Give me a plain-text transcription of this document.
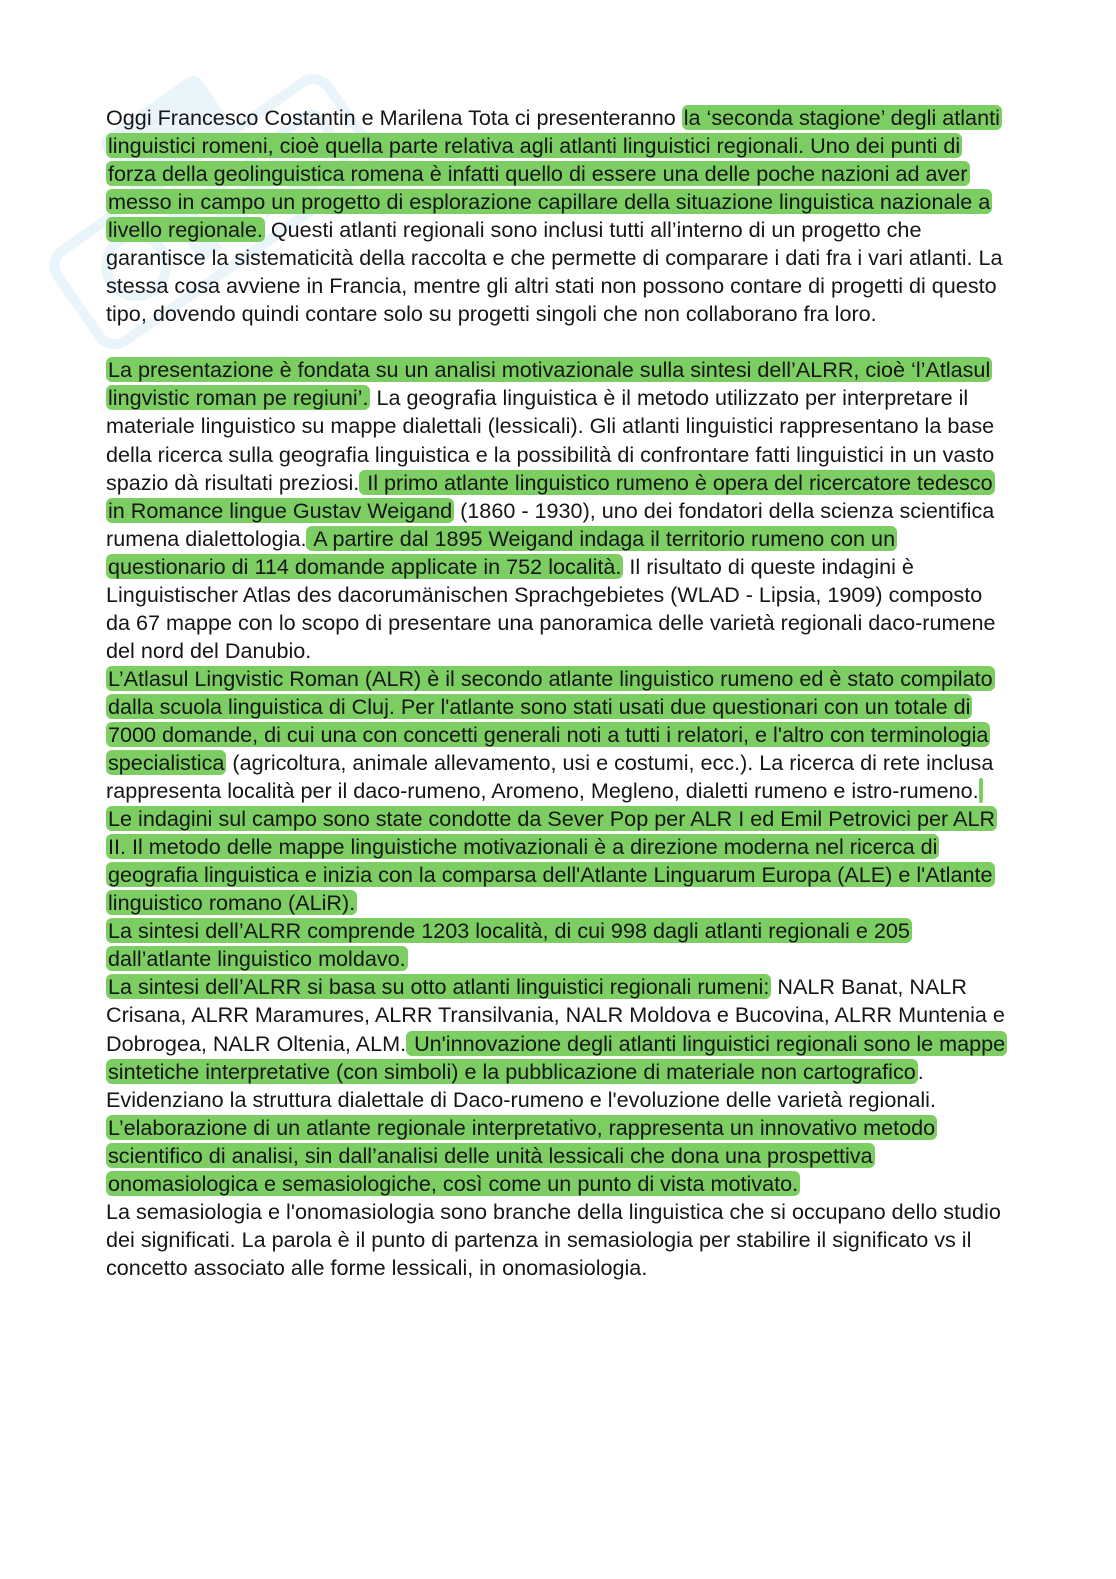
Oggi Francesco Costantin e Marilena Tota ci presenteranno la ‘seconda stagione’ degli atlanti linguistici romeni, cioè quella parte relativa agli atlanti linguistici regionali. Uno dei punti di forza della geolinguistica romena è infatti quello di essere una delle poche nazioni ad aver messo in campo un progetto di esplorazione capillare della situazione linguistica nazionale a livello regionale. Questi atlanti regionali sono inclusi tutti all’interno di un progetto che garantisce la sistematicità della raccolta e che permette di comparare i dati fra i vari atlanti. La stessa cosa avviene in Francia, mentre gli altri stati non possono contare di progetti di questo tipo, dovendo quindi contare solo su progetti singoli che non collaborano fra loro.

La presentazione è fondata su un analisi motivazionale sulla sintesi dell’ALRR, cioè ‘l’Atlasul lingvistic roman pe regiuni’. La geografia linguistica è il metodo utilizzato per interpretare il materiale linguistico su mappe dialettali (lessicali). Gli atlanti linguistici rappresentano la base della ricerca sulla geografia linguistica e la possibilità di confrontare fatti linguistici in un vasto spazio dà risultati preziosi. Il primo atlante linguistico rumeno è opera del ricercatore tedesco in Romance lingue Gustav Weigand (1860 - 1930), uno dei fondatori della scienza scientifica rumena dialettologia. A partire dal 1895 Weigand indaga il territorio rumeno con un questionario di 114 domande applicate in 752 località. Il risultato di queste indagini è Linguistischer Atlas des dacorumänischen Sprachgebietes (WLAD - Lipsia, 1909) composto da 67 mappe con lo scopo di presentare una panoramica delle varietà regionali daco-rumene del nord del Danubio.

L’Atlasul Lingvistic Roman (ALR) è il secondo atlante linguistico rumeno ed è stato compilato dalla scuola linguistica di Cluj. Per l'atlante sono stati usati due questionari con un totale di 7000 domande, di cui una con concetti generali noti a tutti i relatori, e l'altro con terminologia specialistica (agricoltura, animale allevamento, usi e costumi, ecc.). La ricerca di rete inclusa rappresenta località per il daco-rumeno, Aromeno, Megleno, dialetti rumeno e istro-rumeno. Le indagini sul campo sono state condotte da Sever Pop per ALR I ed Emil Petrovici per ALR II. Il metodo delle mappe linguistiche motivazionali è a direzione moderna nel ricerca di geografia linguistica e inizia con la comparsa dell'Atlante Linguarum Europa (ALE) e l'Atlante linguistico romano (ALiR).

La sintesi dell’ALRR comprende 1203 località, di cui 998 dagli atlanti regionali e 205 dall’atlante linguistico moldavo.

La sintesi dell’ALRR si basa su otto atlanti linguistici regionali rumeni: NALR Banat, NALR Crisana, ALRR Maramures, ALRR Transilvania, NALR Moldova e Bucovina, ALRR Muntenia e Dobrogea, NALR Oltenia, ALM. Un'innovazione degli atlanti linguistici regionali sono le mappe sintetiche interpretative (con simboli) e la pubblicazione di materiale non cartografico. Evidenziano la struttura dialettale di Daco-rumeno e l'evoluzione delle varietà regionali.

L’elaborazione di un atlante regionale interpretativo, rappresenta un innovativo metodo scientifico di analisi, sin dall’analisi delle unità lessicali che dona una prospettiva onomasiologica e semasiologiche, così come un punto di vista motivato.

La semasiologia e l'onomasiologia sono branche della linguistica che si occupano dello studio dei significati. La parola è il punto di partenza in semasiologia per stabilire il significato vs il concetto associato alle forme lessicali, in onomasiologia.
